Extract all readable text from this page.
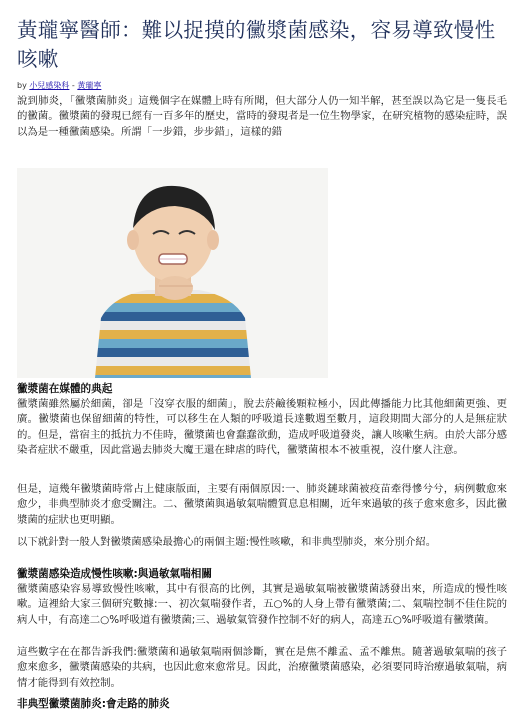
黃瓏寧醫師：難以捉摸的黴漿菌感染，容易導致慢性咳嗽
by 小兒感染科 - 黃瓏寧
說到肺炎，「黴漿菌肺炎」這幾個字在媒體上時有所聞，但大部分人仍一知半解，甚至誤以為它是一隻長毛的黴菌。黴漿菌的發現已經有一百多年的歷史，當時的發現者是一位生物學家，在研究植物的感染症時，誤以為是一種黴菌感染。所謂「一步錯，步步錯」，這樣的錯
黴漿菌在媒體的典起
黴漿菌雖然屬於細菌，卻是「沒穿衣服的細菌」，脫去菸鹼後顆粒極小，因此傳播能力比其他細菌更強、更廣。黴漿菌也保留細菌的特性，可以移生在人類的呼吸道長達數週至數月，這段期間大部分的人是無症狀的。但是，當宿主的抵抗力不佳時，黴漿菌也會蠢蠢欲動，造成呼吸道發炎，讓人咳嗽生病。由於大部分感染者症狀不嚴重，因此當過去肺炎大魔王還在肆虐的時代，黴漿菌根本不被重視，沒什麼人注意。
但是，這幾年黴漿菌時常占上健康版面，主要有兩個原因:一、肺炎鏈球菌被疫苗牽得慘兮兮，病例數愈來愈少，非典型肺炎才愈受關注。二、黴漿菌與過敏氣喘體質息息相關，近年來過敏的孩子愈來愈多，因此黴漿菌的症狀也更明顯。
以下就針對一般人對黴漿菌感染最擔心的兩個主題:慢性咳嗽，和非典型肺炎，來分別介紹。
黴漿菌感染造成慢性咳嗽:與過敏氣喘相關
黴漿菌感染容易導致慢性咳嗽，其中有很高的比例，其實是過敏氣喘被黴漿菌誘發出來，所造成的慢性咳嗽。這裡給大家三個研究數據:一、初次氣喘發作者，五○%的人身上帶有黴漿菌;二、氣喘控制不佳住院的病人中，有高達二○%呼吸道有黴漿菌;三、過敏氣管發作控制不好的病人，高達五○%呼吸道有黴漿菌。
這些數字在在都告訴我們:黴漿菌和過敏氣喘兩個診斷，實在是焦不離孟、孟不離焦。隨著過敏氣喘的孩子愈來愈多，黴漿菌感染的共病，也因此愈來愈常見。因此，治療黴漿菌感染，必須要同時治療過敏氣喘，病情才能得到有效控制。
非典型黴漿菌肺炎:會走路的肺炎
